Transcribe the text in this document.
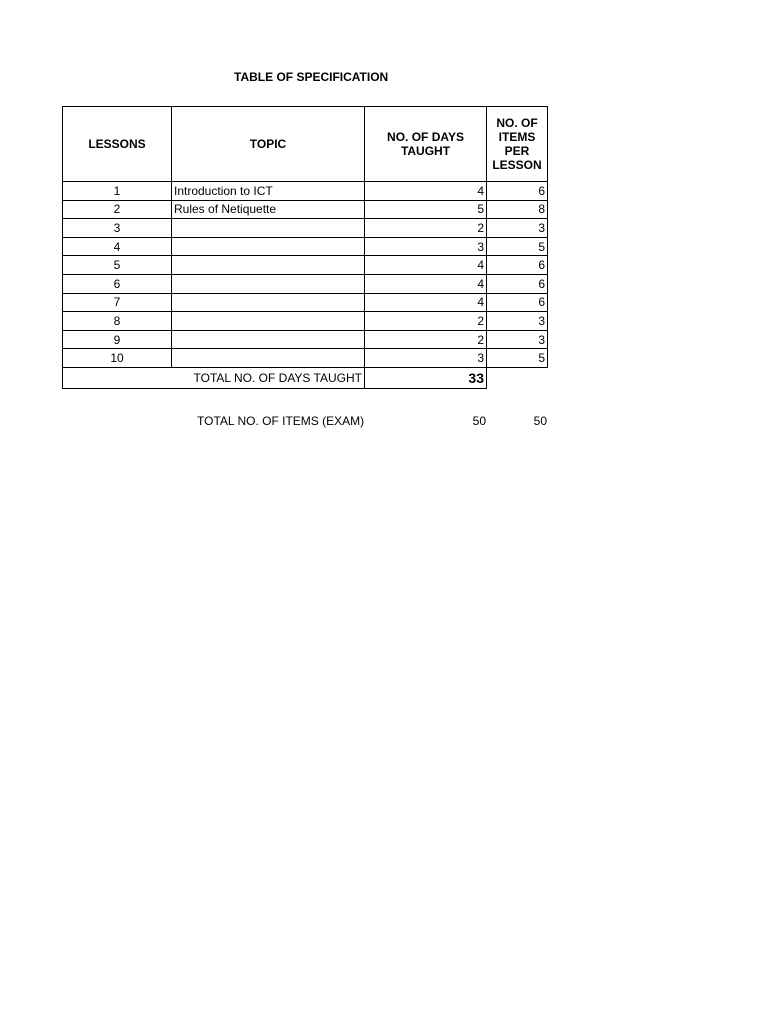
TABLE OF SPECIFICATION
LESSONS	TOPIC	NO. OF DAYS TAUGHT	NO. OF ITEMS PER LESSON
1	Introduction to ICT	4	6
2	Rules of Netiquette	5	8
3		2	3
4		3	5
5		4	6
6		4	6
7		4	6
8		2	3
9		2	3
10		3	5
TOTAL NO. OF DAYS TAUGHT		33	
TOTAL NO. OF ITEMS (EXAM)	50	50
